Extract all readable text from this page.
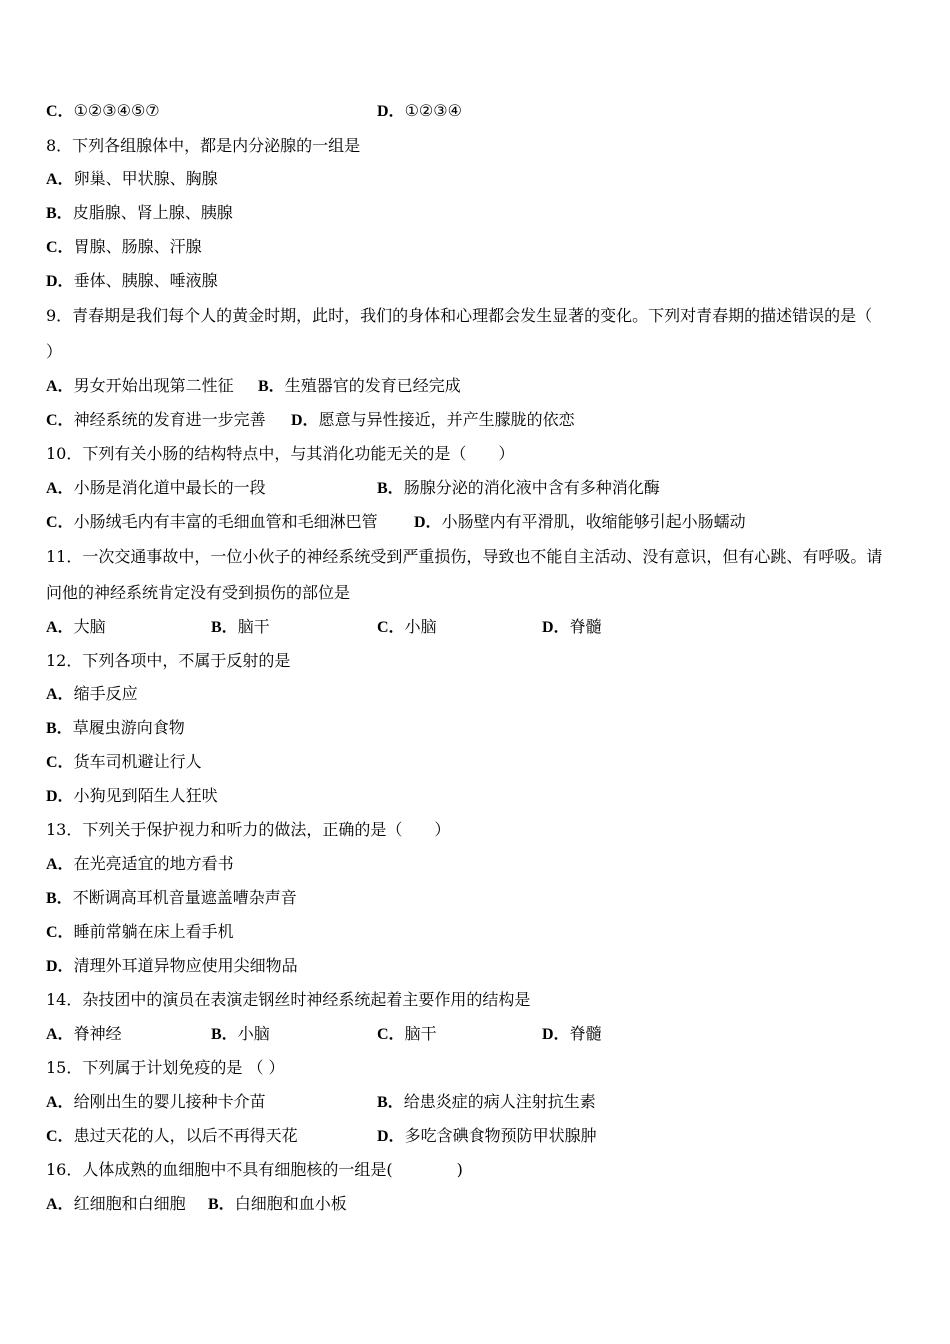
C．①②③④⑤⑦	D．①②③④
8．下列各组腺体中，都是内分泌腺的一组是
A．卵巢、甲状腺、胸腺
B．皮脂腺、肾上腺、胰腺
C．胃腺、肠腺、汗腺
D．垂体、胰腺、唾液腺
9．青春期是我们每个人的黄金时期，此时，我们的身体和心理都会发生显著的变化。下列对青春期的描述错误的是（
）
A．男女开始出现第二性征 B．生殖器官的发育已经完成
C．神经系统的发育进一步完善 D．愿意与异性接近，并产生朦胧的依恋
10．下列有关小肠的结构特点中，与其消化功能无关的是（　　）
A．小肠是消化道中最长的一段	B．肠腺分泌的消化液中含有多种消化酶
C．小肠绒毛内有丰富的毛细血管和毛细淋巴管 D．小肠壁内有平滑肌，收缩能够引起小肠蠕动
11．一次交通事故中，一位小伙子的神经系统受到严重损伤，导致也不能自主活动、没有意识，但有心跳、有呼吸。请
问他的神经系统肯定没有受到损伤的部位是
A．大脑	B．脑干	C．小脑	D．脊髓
12．下列各项中，不属于反射的是
A．缩手反应
B．草履虫游向食物
C．货车司机避让行人
D．小狗见到陌生人狂吠
13．下列关于保护视力和听力的做法，正确的是（　　）
A．在光亮适宜的地方看书
B．不断调高耳机音量遮盖嘈杂声音
C．睡前常躺在床上看手机
D．清理外耳道异物应使用尖细物品
14．杂技团中的演员在表演走钢丝时神经系统起着主要作用的结构是
A．脊神经	B．小脑	C．脑干	D．脊髓
15．下列属于计划免疫的是 （ ）
A．给刚出生的婴儿接种卡介苗	B．给患炎症的病人注射抗生素
C．患过天花的人，以后不再得天花	D．多吃含碘食物预防甲状腺肿
16．人体成熟的血细胞中不具有细胞核的一组是(　　　　)
A．红细胞和白细胞 B．白细胞和血小板
